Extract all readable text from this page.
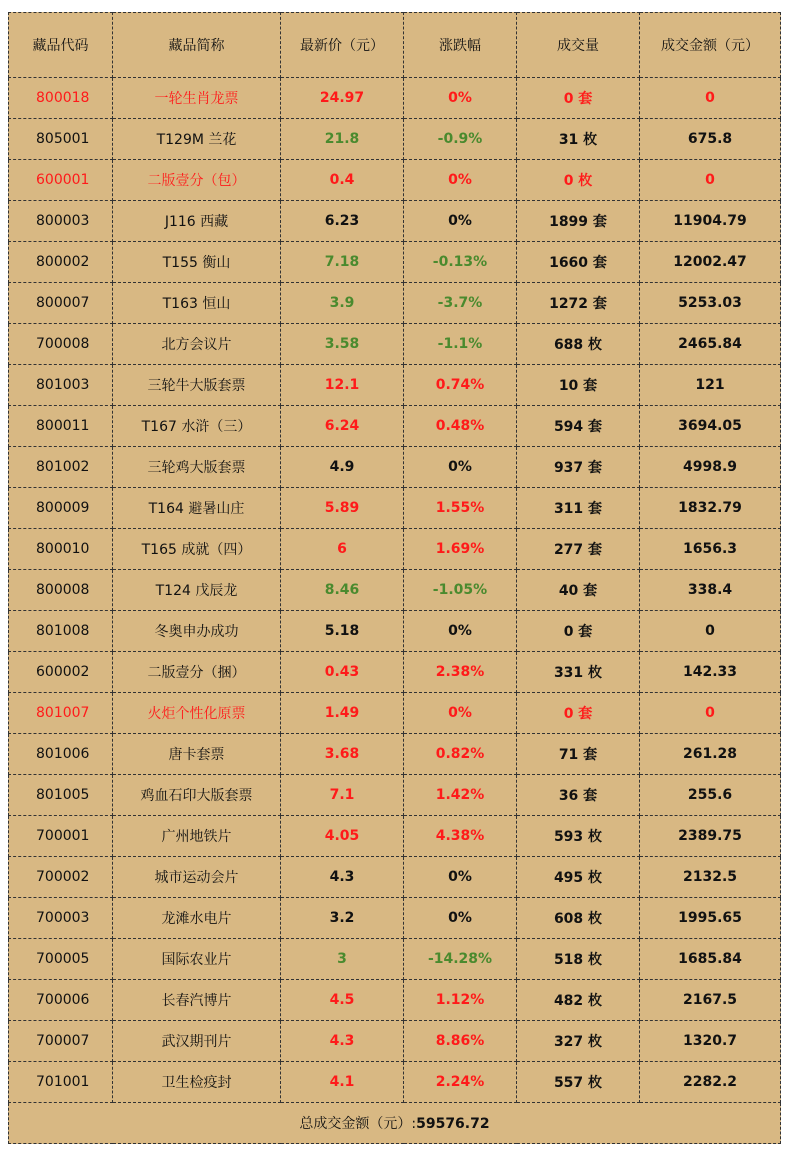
藏品代码	藏品简称	最新价（元）	涨跌幅	成交量	成交金额（元）
800018	一轮生肖龙票	24.97	0%	0 套	0
805001	T129M 兰花	21.8	-0.9%	31 枚	675.8
600001	二版壹分（包）	0.4	0%	0 枚	0
800003	J116 西藏	6.23	0%	1899 套	11904.79
800002	T155 衡山	7.18	-0.13%	1660 套	12002.47
800007	T163 恒山	3.9	-3.7%	1272 套	5253.03
700008	北方会议片	3.58	-1.1%	688 枚	2465.84
801003	三轮牛大版套票	12.1	0.74%	10 套	121
800011	T167 水浒（三）	6.24	0.48%	594 套	3694.05
801002	三轮鸡大版套票	4.9	0%	937 套	4998.9
800009	T164 避暑山庄	5.89	1.55%	311 套	1832.79
800010	T165 成就（四）	6	1.69%	277 套	1656.3
800008	T124 戊辰龙	8.46	-1.05%	40 套	338.4
801008	冬奥申办成功	5.18	0%	0 套	0
600002	二版壹分（捆）	0.43	2.38%	331 枚	142.33
801007	火炬个性化原票	1.49	0%	0 套	0
801006	唐卡套票	3.68	0.82%	71 套	261.28
801005	鸡血石印大版套票	7.1	1.42%	36 套	255.6
700001	广州地铁片	4.05	4.38%	593 枚	2389.75
700002	城市运动会片	4.3	0%	495 枚	2132.5
700003	龙滩水电片	3.2	0%	608 枚	1995.65
700005	国际农业片	3	-14.28%	518 枚	1685.84
700006	长春汽博片	4.5	1.12%	482 枚	2167.5
700007	武汉期刊片	4.3	8.86%	327 枚	1320.7
701001	卫生检疫封	4.1	2.24%	557 枚	2282.2
总成交金额（元）:59576.72					
